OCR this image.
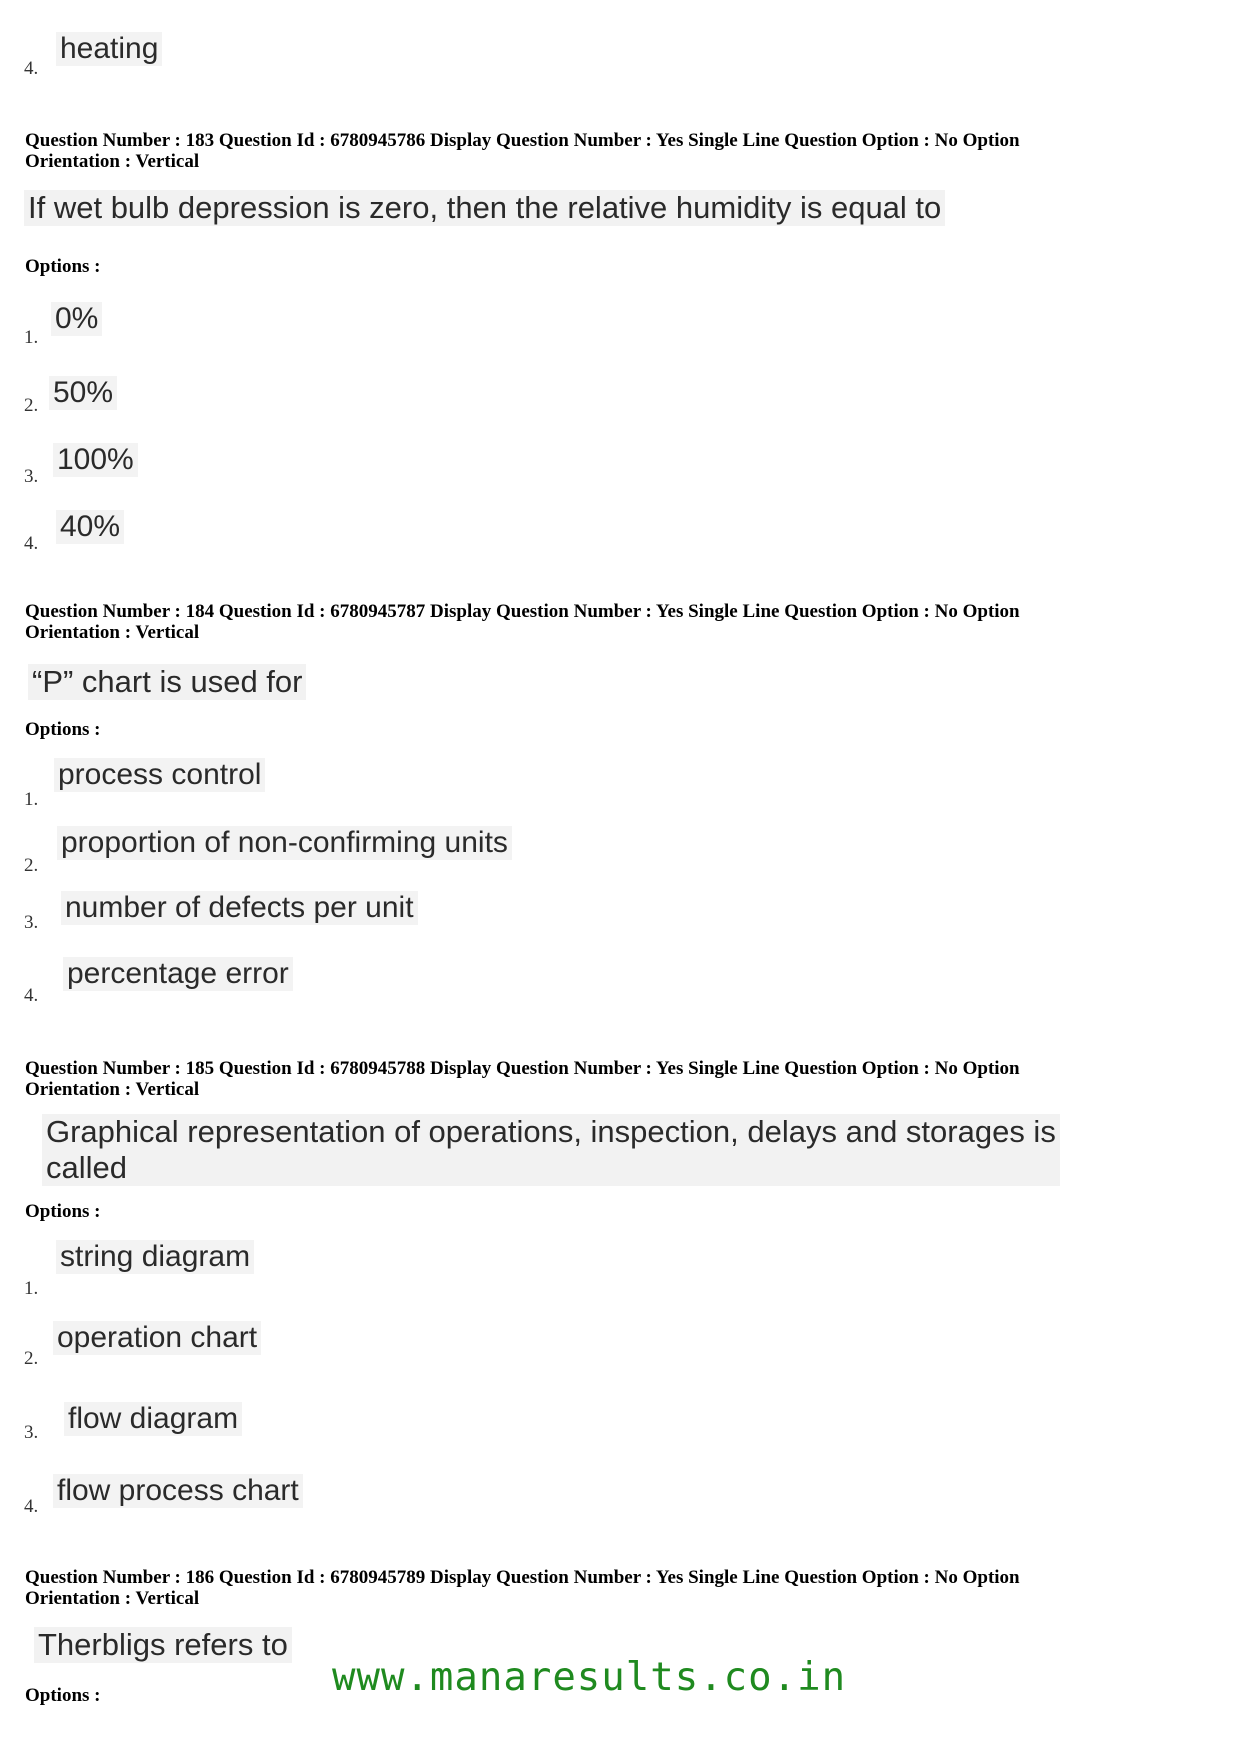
heating
4.
Question Number : 183 Question Id : 6780945786 Display Question Number : Yes Single Line Question Option : No Option
Orientation : Vertical
If wet bulb depression is zero, then the relative humidity is equal to
Options :
0%
1.
50%
2.
100%
3.
40%
4.
Question Number : 184 Question Id : 6780945787 Display Question Number : Yes Single Line Question Option : No Option
Orientation : Vertical
“P” chart is used for
Options :
process control
1.
proportion of non-confirming units
2.
number of defects per unit
3.
percentage error
4.
Question Number : 185 Question Id : 6780945788 Display Question Number : Yes Single Line Question Option : No Option
Orientation : Vertical
Graphical representation of operations, inspection, delays and storages is
called
Options :
string diagram
1.
operation chart
2.
flow diagram
3.
flow process chart
4.
Question Number : 186 Question Id : 6780945789 Display Question Number : Yes Single Line Question Option : No Option
Orientation : Vertical
Therbligs refers to
Options :	www.manaresults.co.in
